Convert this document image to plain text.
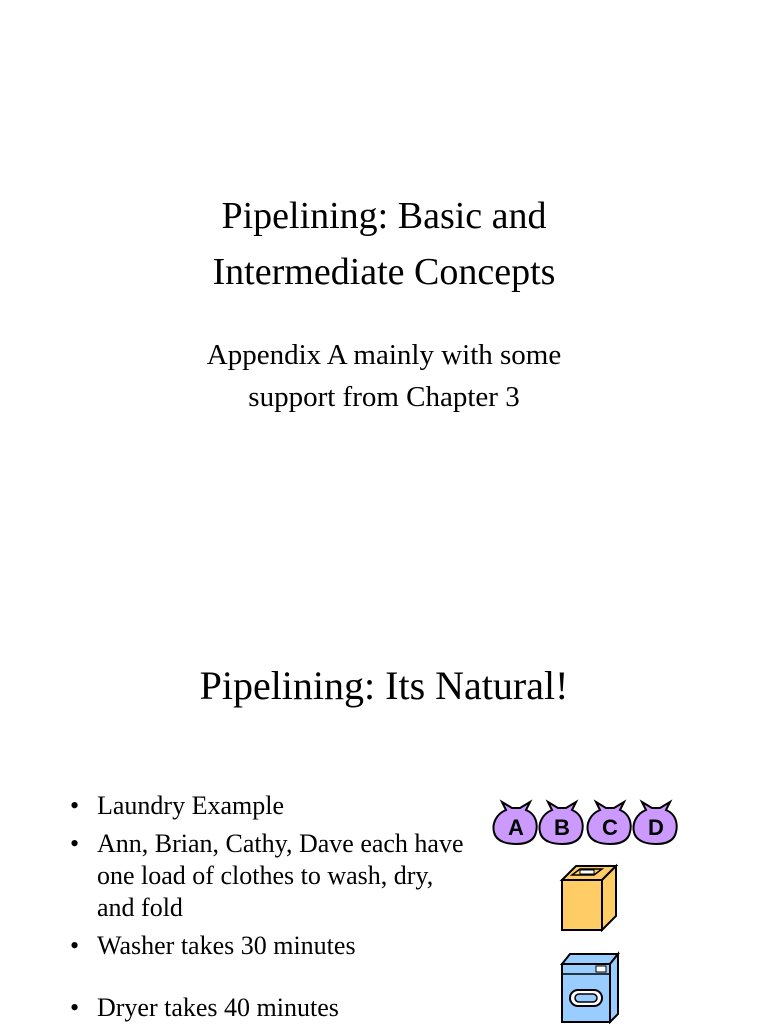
Pipelining: Basic and
Intermediate Concepts

Appendix A mainly with some
support from Chapter 3

Pipelining: Its Natural!
• Laundry Example
• Ann, Brian, Cathy, Dave each have one load of clothes to wash, dry, and fold
• Washer takes 30 minutes
• Dryer takes 40 minutes
A B C D
